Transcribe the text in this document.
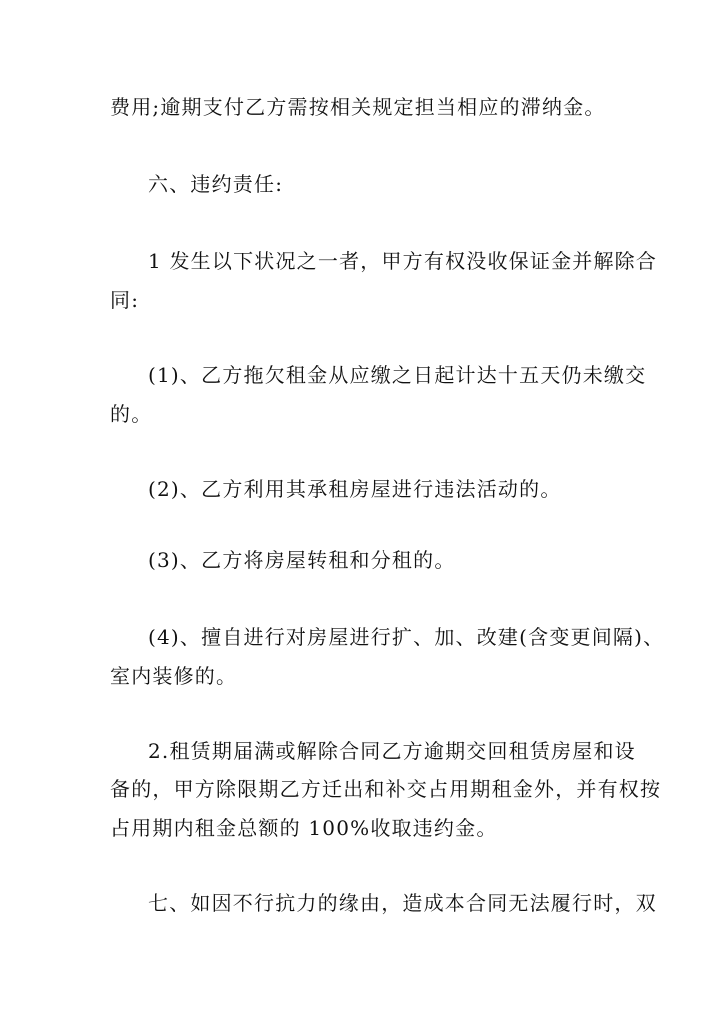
费用;逾期支付乙方需按相关规定担当相应的滞纳金。
六、违约责任:
1 发生以下状况之一者，甲方有权没收保证金并解除合
同:
(1)、乙方拖欠租金从应缴之日起计达十五天仍未缴交
的。
(2)、乙方利用其承租房屋进行违法活动的。
(3)、乙方将房屋转租和分租的。
(4)、擅自进行对房屋进行扩、加、改建(含变更间隔)、
室内装修的。
2.租赁期届满或解除合同乙方逾期交回租赁房屋和设
备的，甲方除限期乙方迁出和补交占用期租金外，并有权按
占用期内租金总额的 100%收取违约金。
七、如因不行抗力的缘由，造成本合同无法履行时，双
